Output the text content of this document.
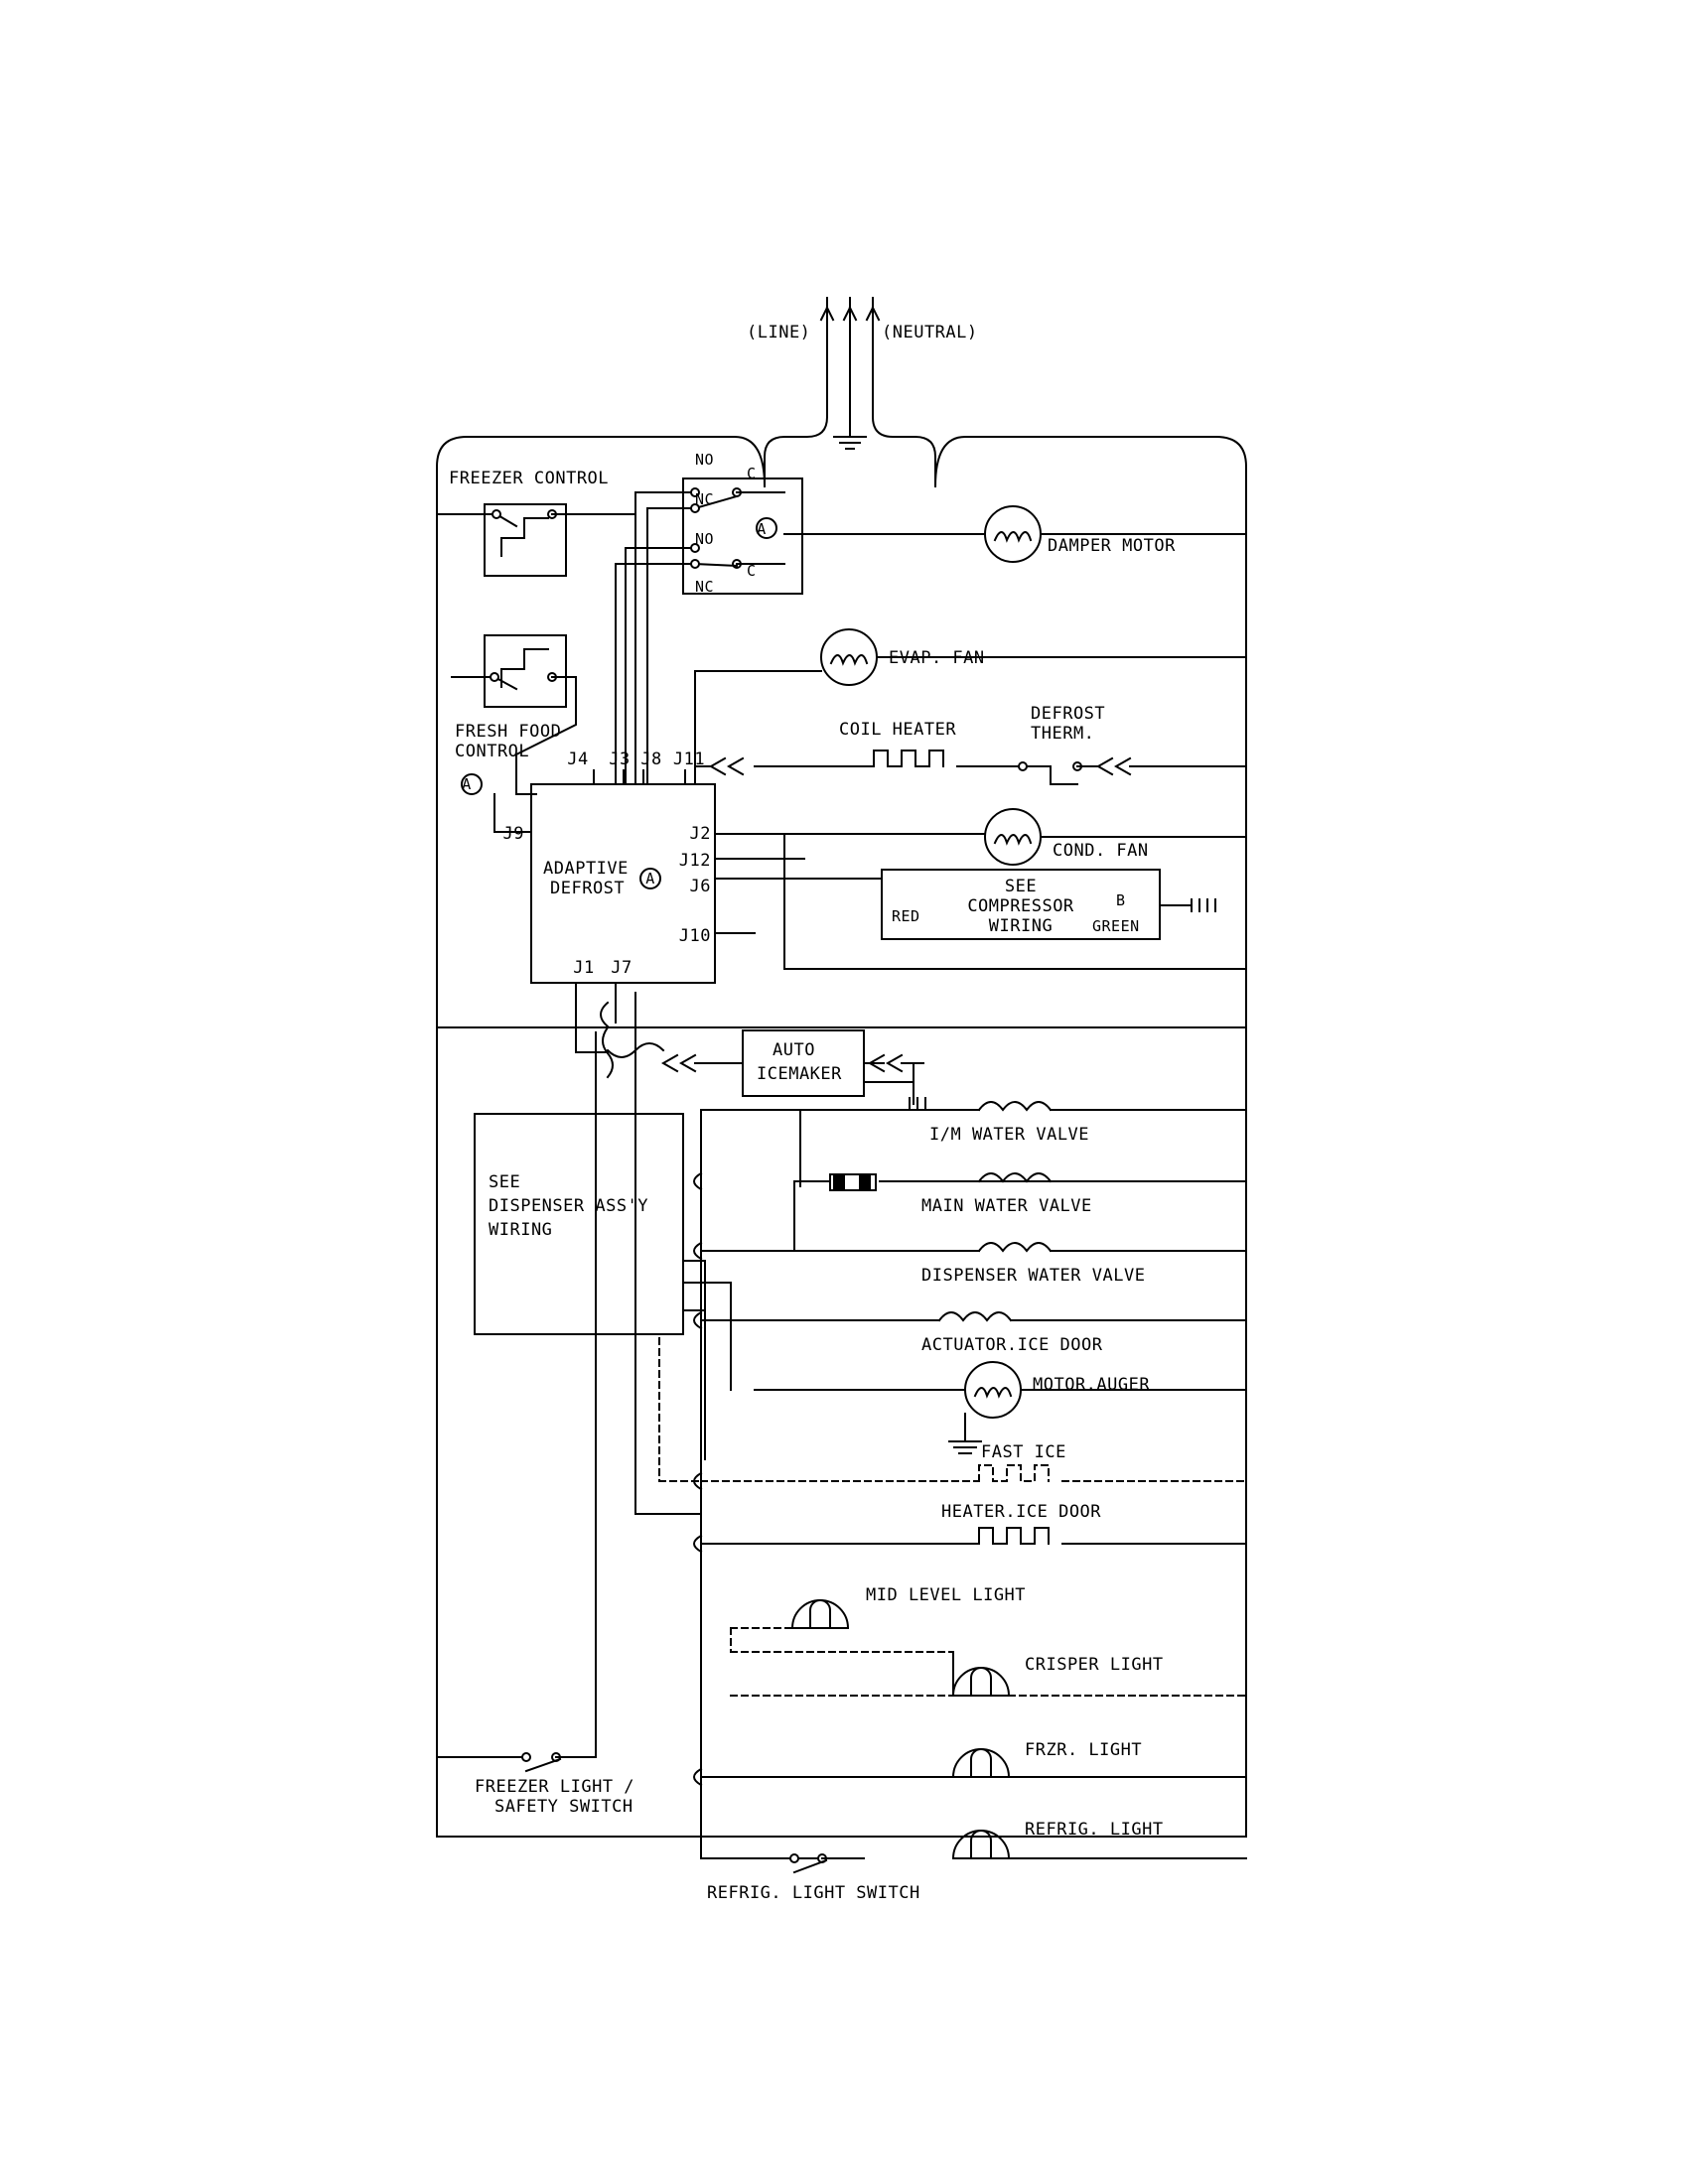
(LINE)	(NEUTRAL)
FREEZER CONTROL
FRESH FOOD
CONTROL
NO
C
NC
NO
C
NC
A
DAMPER MOTOR
EVAP. FAN
COIL HEATER
DEFROST
THERM.
ADAPTIVE
DEFROST A
A
J4 J3 J8 J11
J9	J2
J12
J6
J10
J1 J7
COND. FAN
SEE
COMPRESSOR
WIRING
RED
B
GREEN
AUTO
ICEMAKER
SEE
DISPENSER ASS'Y
WIRING
I/M WATER VALVE
MAIN WATER VALVE
DISPENSER WATER VALVE
ACTUATOR.ICE DOOR
MOTOR.AUGER
FAST ICE
HEATER.ICE DOOR
MID LEVEL LIGHT
CRISPER LIGHT
FRZR. LIGHT
REFRIG. LIGHT
FREEZER LIGHT /
SAFETY SWITCH
REFRIG. LIGHT SWITCH
